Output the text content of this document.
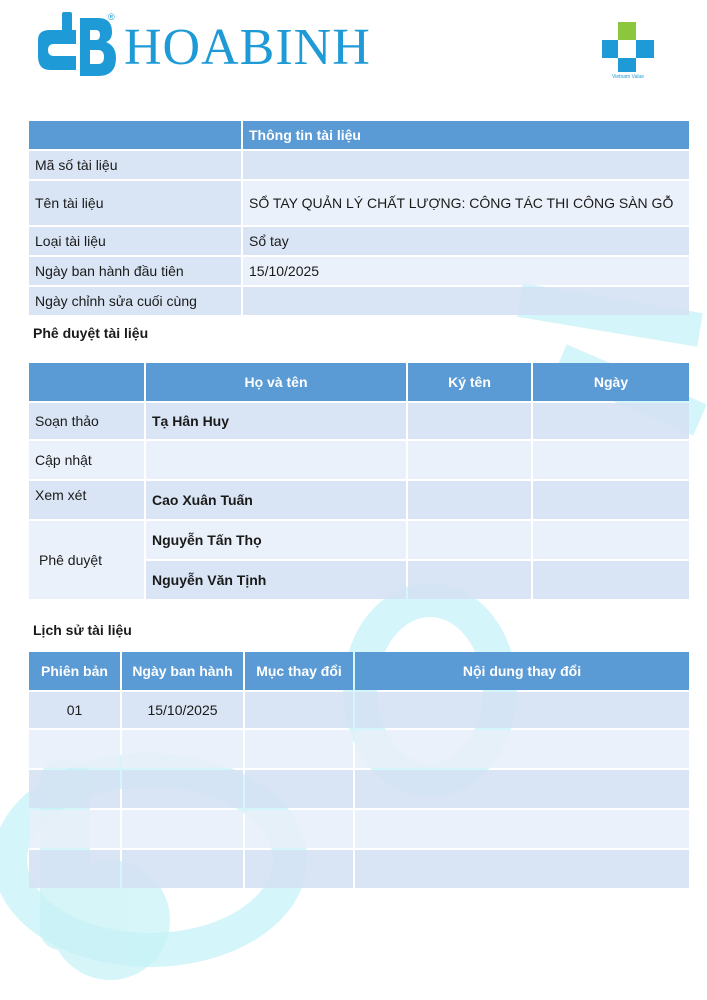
®
HOABINH
Vietnam Value
	Thông tin tài liệu
Mã số tài liệu	
Tên tài liệu	SỔ TAY QUẢN LÝ CHẤT LƯỢNG: CÔNG TÁC THI CÔNG SÀN GỖ
Loại tài liệu	Sổ tay
Ngày ban hành đầu tiên	15/10/2025
Ngày chỉnh sửa cuối cùng	
Phê duyệt tài liệu
	Họ và tên	Ký tên	Ngày
Soạn thảo	Tạ Hân Huy		
Cập nhật			
Xem xét	Cao Xuân Tuấn		
Phê duyệt	Nguyễn Tấn Thọ		
	Nguyễn Văn Tịnh		
Lịch sử tài liệu
Phiên bản	Ngày ban hành	Mục thay đổi	Nội dung thay đổi
01	15/10/2025		
